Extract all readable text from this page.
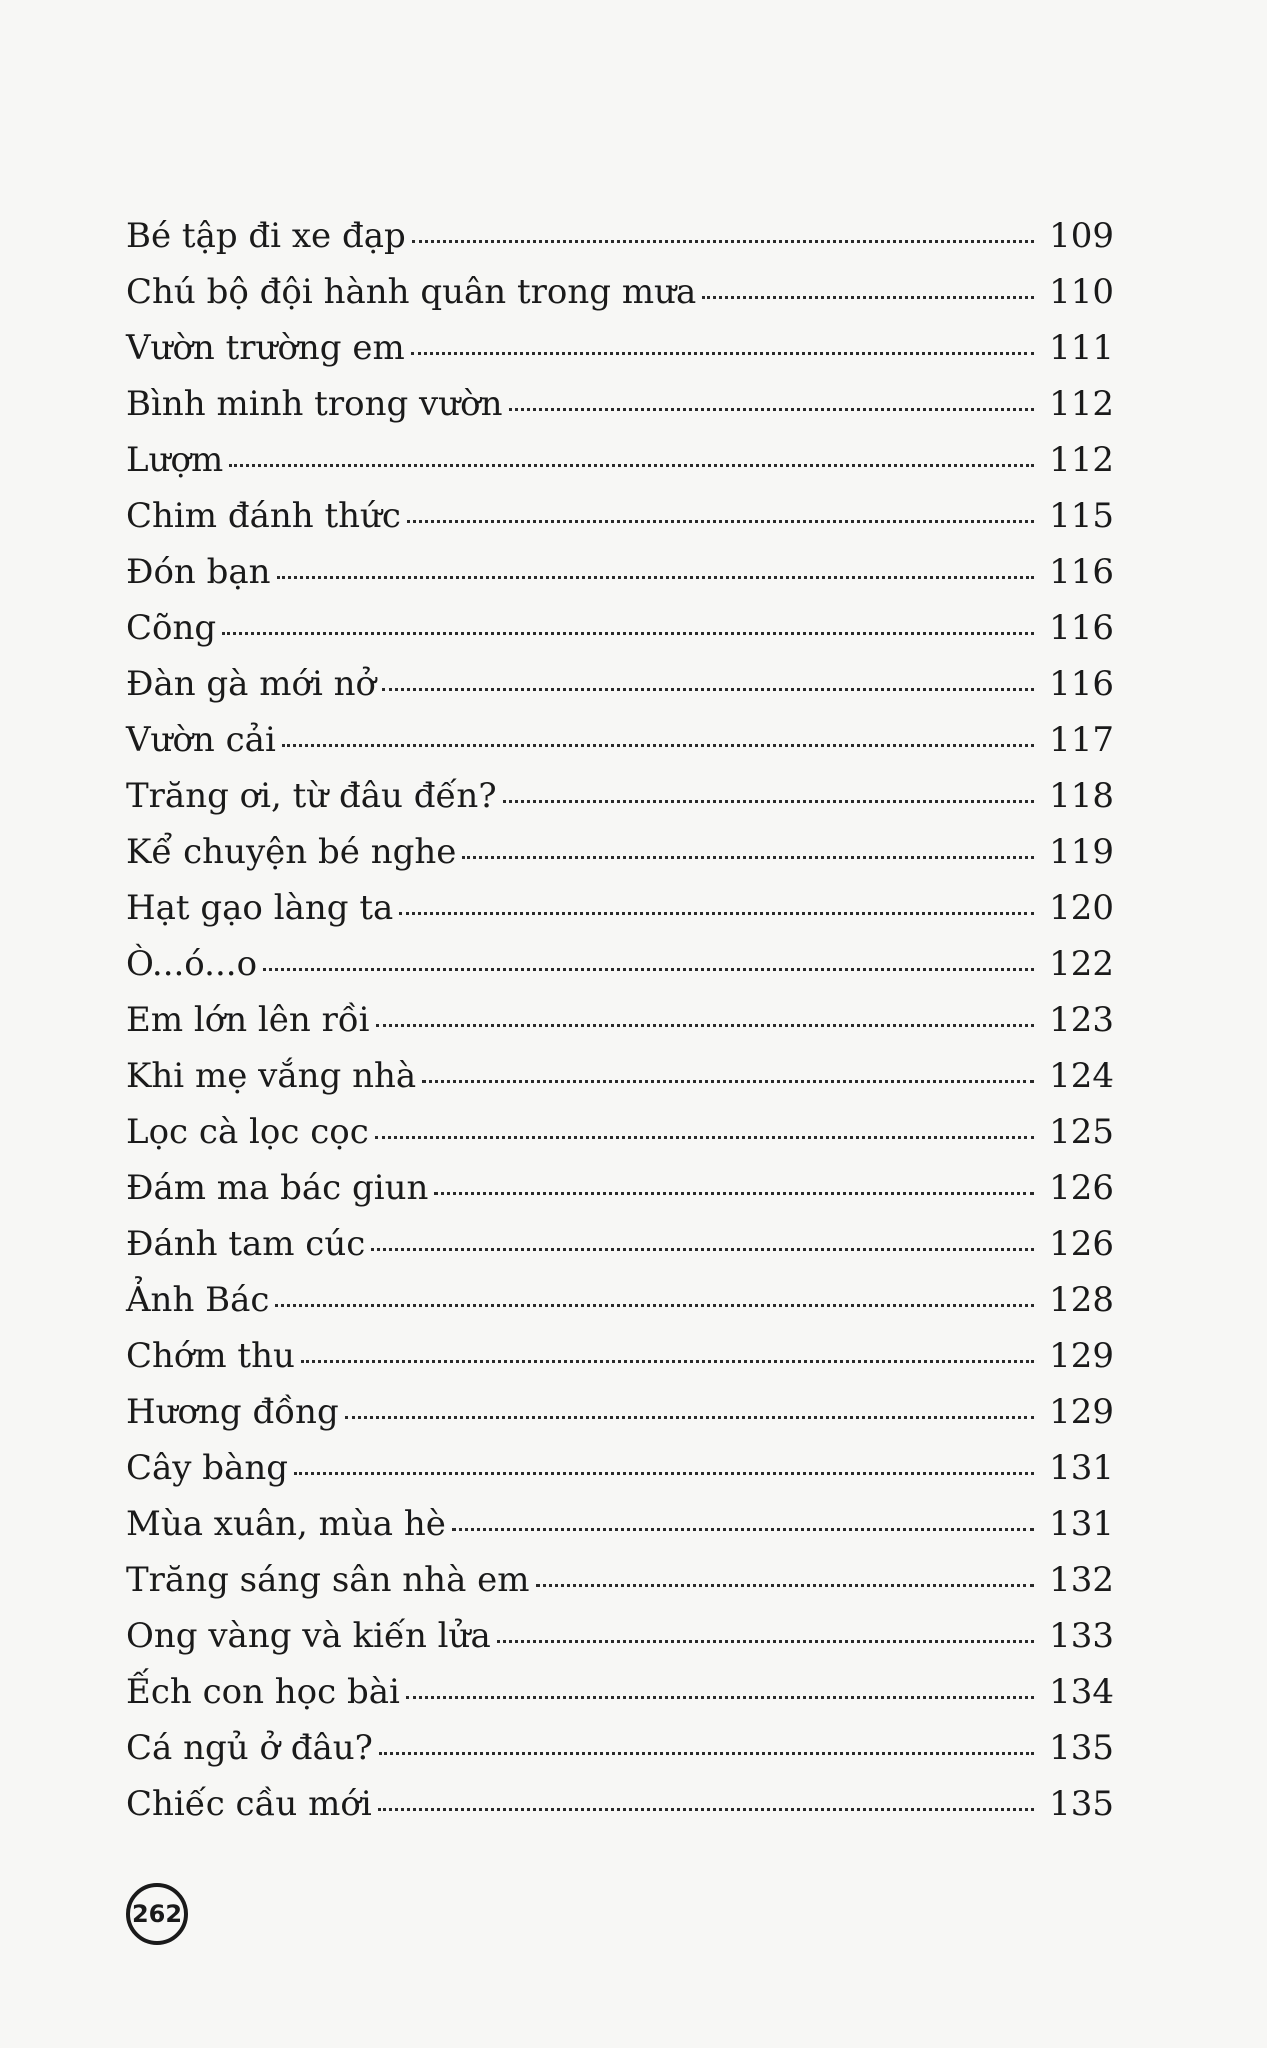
Bé tập đi xe đạp	109
Chú bộ đội hành quân trong mưa	110
Vườn trường em	111
Bình minh trong vườn	112
Lượm	112
Chim đánh thức	115
Đón bạn	116
Cõng	116
Đàn gà mới nở	116
Vườn cải	117
Trăng ơi, từ đâu đến?	118
Kể chuyện bé nghe	119
Hạt gạo làng ta	120
Ò...ó...o	122
Em lớn lên rồi	123
Khi mẹ vắng nhà	124
Lọc cà lọc cọc	125
Đám ma bác giun	126
Đánh tam cúc	126
Ảnh Bác	128
Chớm thu	129
Hương đồng	129
Cây bàng	131
Mùa xuân, mùa hè	131
Trăng sáng sân nhà em	132
Ong vàng và kiến lửa	133
Ếch con học bài	134
Cá ngủ ở đâu?	135
Chiếc cầu mới	135
262
